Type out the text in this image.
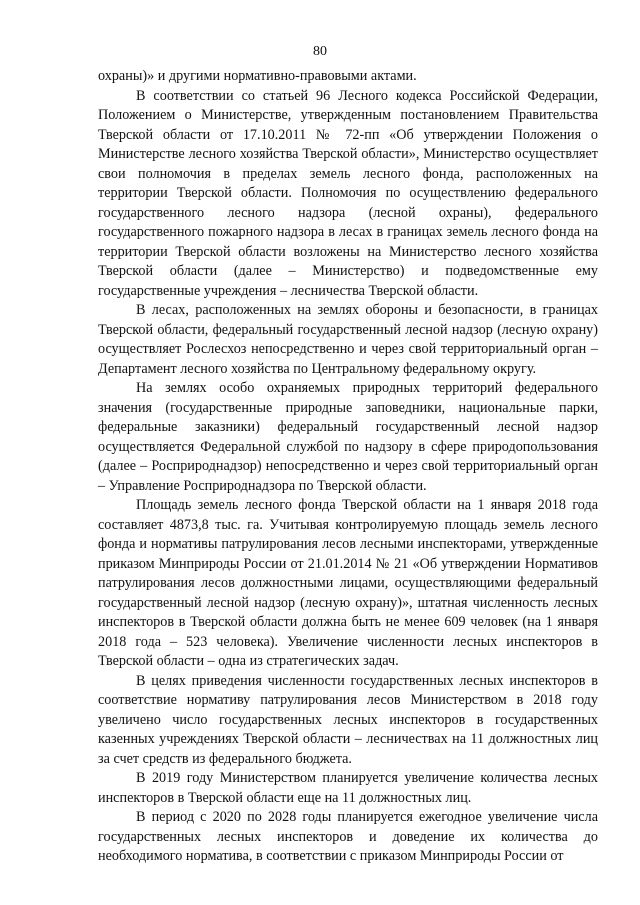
80

охраны)» и другими нормативно-правовыми актами.

В соответствии со статьей 96 Лесного кодекса Российской Федерации, Положением о Министерстве, утвержденным постановлением Правительства Тверской области от 17.10.2011 № 72-пп «Об утверждении Положения о Министерстве лесного хозяйства Тверской области», Министерство осуществляет свои полномочия в пределах земель лесного фонда, расположенных на территории Тверской области. Полномочия по осуществлению федерального государственного лесного надзора (лесной охраны), федерального государственного пожарного надзора в лесах в границах земель лесного фонда на территории Тверской области возложены на Министерство лесного хозяйства Тверской области (далее – Министерство) и подведомственные ему государственные учреждения – лесничества Тверской области.

В лесах, расположенных на землях обороны и безопасности, в границах Тверской области, федеральный государственный лесной надзор (лесную охрану) осуществляет Рослесхоз непосредственно и через свой территориальный орган – Департамент лесного хозяйства по Центральному федеральному округу.

На землях особо охраняемых природных территорий федерального значения (государственные природные заповедники, национальные парки, федеральные заказники) федеральный государственный лесной надзор осуществляется Федеральной службой по надзору в сфере природопользования (далее – Росприроднадзор) непосредственно и через свой территориальный орган – Управление Росприроднадзора по Тверской области.

Площадь земель лесного фонда Тверской области на 1 января 2018 года составляет 4873,8 тыс. га. Учитывая контролируемую площадь земель лесного фонда и нормативы патрулирования лесов лесными инспекторами, утвержденные приказом Минприроды России от 21.01.2014 № 21 «Об утверждении Нормативов патрулирования лесов должностными лицами, осуществляющими федеральный государственный лесной надзор (лесную охрану)», штатная численность лесных инспекторов в Тверской области должна быть не менее 609 человек (на 1 января 2018 года – 523 человека). Увеличение численности лесных инспекторов в Тверской области – одна из стратегических задач.

В целях приведения численности государственных лесных инспекторов в соответствие нормативу патрулирования лесов Министерством в 2018 году увеличено число государственных лесных инспекторов в государственных казенных учреждениях Тверской области – лесничествах на 11 должностных лиц за счет средств из федерального бюджета.

В 2019 году Министерством планируется увеличение количества лесных инспекторов в Тверской области еще на 11 должностных лиц.

В период с 2020 по 2028 годы планируется ежегодное увеличение числа государственных лесных инспекторов и доведение их количества до необходимого норматива, в соответствии с приказом Минприроды России от
